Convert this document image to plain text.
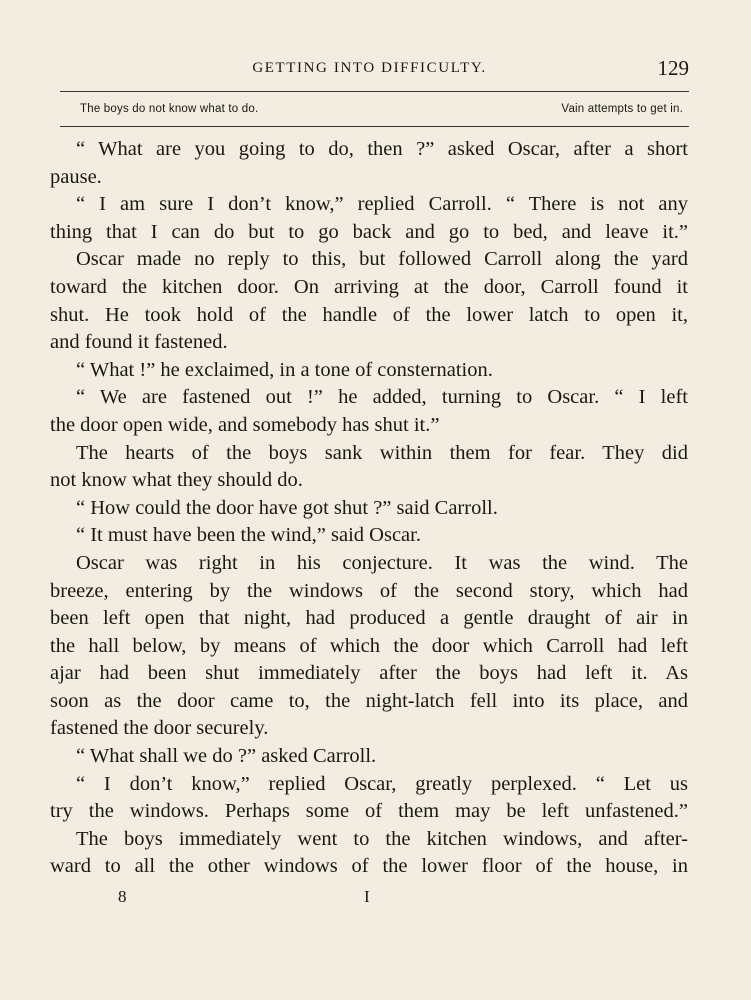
GETTING INTO DIFFICULTY.	129
The boys do not know what to do.	Vain attempts to get in.
“ What are you going to do, then ?” asked Oscar, after a short
pause.
“ I am sure I don’t know,” replied Carroll. “ There is not any
thing that I can do but to go back and go to bed, and leave it.”
Oscar made no reply to this, but followed Carroll along the yard
toward the kitchen door. On arriving at the door, Carroll found it
shut. He took hold of the handle of the lower latch to open it,
and found it fastened.
“ What !” he exclaimed, in a tone of consternation.
“ We are fastened out !” he added, turning to Oscar. “ I left
the door open wide, and somebody has shut it.”
The hearts of the boys sank within them for fear. They did
not know what they should do.
“ How could the door have got shut ?” said Carroll.
“ It must have been the wind,” said Oscar.
Oscar was right in his conjecture. It was the wind. The
breeze, entering by the windows of the second story, which had
been left open that night, had produced a gentle draught of air in
the hall below, by means of which the door which Carroll had left
ajar had been shut immediately after the boys had left it. As
soon as the door came to, the night-latch fell into its place, and
fastened the door securely.
“ What shall we do ?” asked Carroll.
“ I don’t know,” replied Oscar, greatly perplexed. “ Let us
try the windows. Perhaps some of them may be left unfastened.”
The boys immediately went to the kitchen windows, and after-
ward to all the other windows of the lower floor of the house, in
8	I
